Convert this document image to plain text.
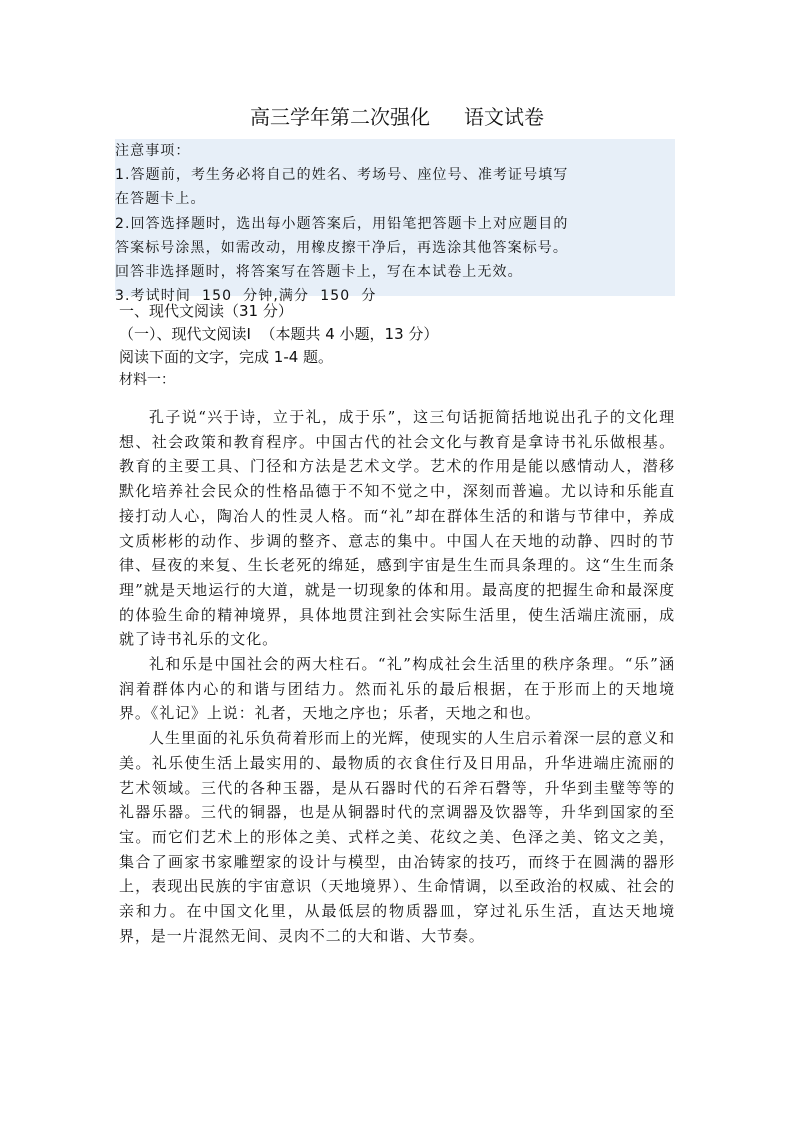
高三学年第二次强化 语文试卷
注意事项：
1.答题前，考生务必将自己的姓名、考场号、座位号、准考证号填写
在答题卡上。
2.回答选择题时，选出每小题答案后，用铅笔把答题卡上对应题目的
答案标号涂黑，如需改动，用橡皮擦干净后，再选涂其他答案标号。
回答非选择题时，将答案写在答题卡上，写在本试卷上无效。
3.考试时间  150  分钟,满分  150  分
一、现代文阅读（31 分）
（一）、现代文阅读Ⅰ  （本题共 4 小题，13 分）
阅读下面的文字，完成 1-4 题。
材料一：

孔子说“兴于诗，立于礼，成于乐”，这三句话扼简括地说出孔子的文化理想、社会政策和教育程序。中国古代的社会文化与教育是拿诗书礼乐做根基。教育的主要工具、门径和方法是艺术文学。艺术的作用是能以感情动人，潜移默化培养社会民众的性格品德于不知不觉之中，深刻而普遍。尤以诗和乐能直接打动人心，陶冶人的性灵人格。而“礼”却在群体生活的和谐与节律中，养成文质彬彬的动作、步调的整齐、意志的集中。中国人在天地的动静、四时的节律、昼夜的来复、生长老死的绵延，感到宇宙是生生而具条理的。这“生生而条理”就是天地运行的大道，就是一切现象的体和用。最高度的把握生命和最深度的体验生命的精神境界，具体地贯注到社会实际生活里，使生活端庄流丽，成就了诗书礼乐的文化。

礼和乐是中国社会的两大柱石。“礼”构成社会生活里的秩序条理。“乐”涵润着群体内心的和谐与团结力。然而礼乐的最后根据，在于形而上的天地境界。《礼记》上说：礼者，天地之序也；乐者，天地之和也。

人生里面的礼乐负荷着形而上的光辉，使现实的人生启示着深一层的意义和美。礼乐使生活上最实用的、最物质的衣食住行及日用品，升华进端庄流丽的艺术领域。三代的各种玉器，是从石器时代的石斧石磬等，升华到圭璧等等的礼器乐器。三代的铜器，也是从铜器时代的烹调器及饮器等，升华到国家的至宝。而它们艺术上的形体之美、式样之美、花纹之美、色泽之美、铭文之美，集合了画家书家雕塑家的设计与模型，由冶铸家的技巧，而终于在圆满的器形上，表现出民族的宇宙意识（天地境界）、生命情调，以至政治的权威、社会的亲和力。在中国文化里，从最低层的物质器皿，穿过礼乐生活，直达天地境界，是一片混然无间、灵肉不二的大和谐、大节奏。
